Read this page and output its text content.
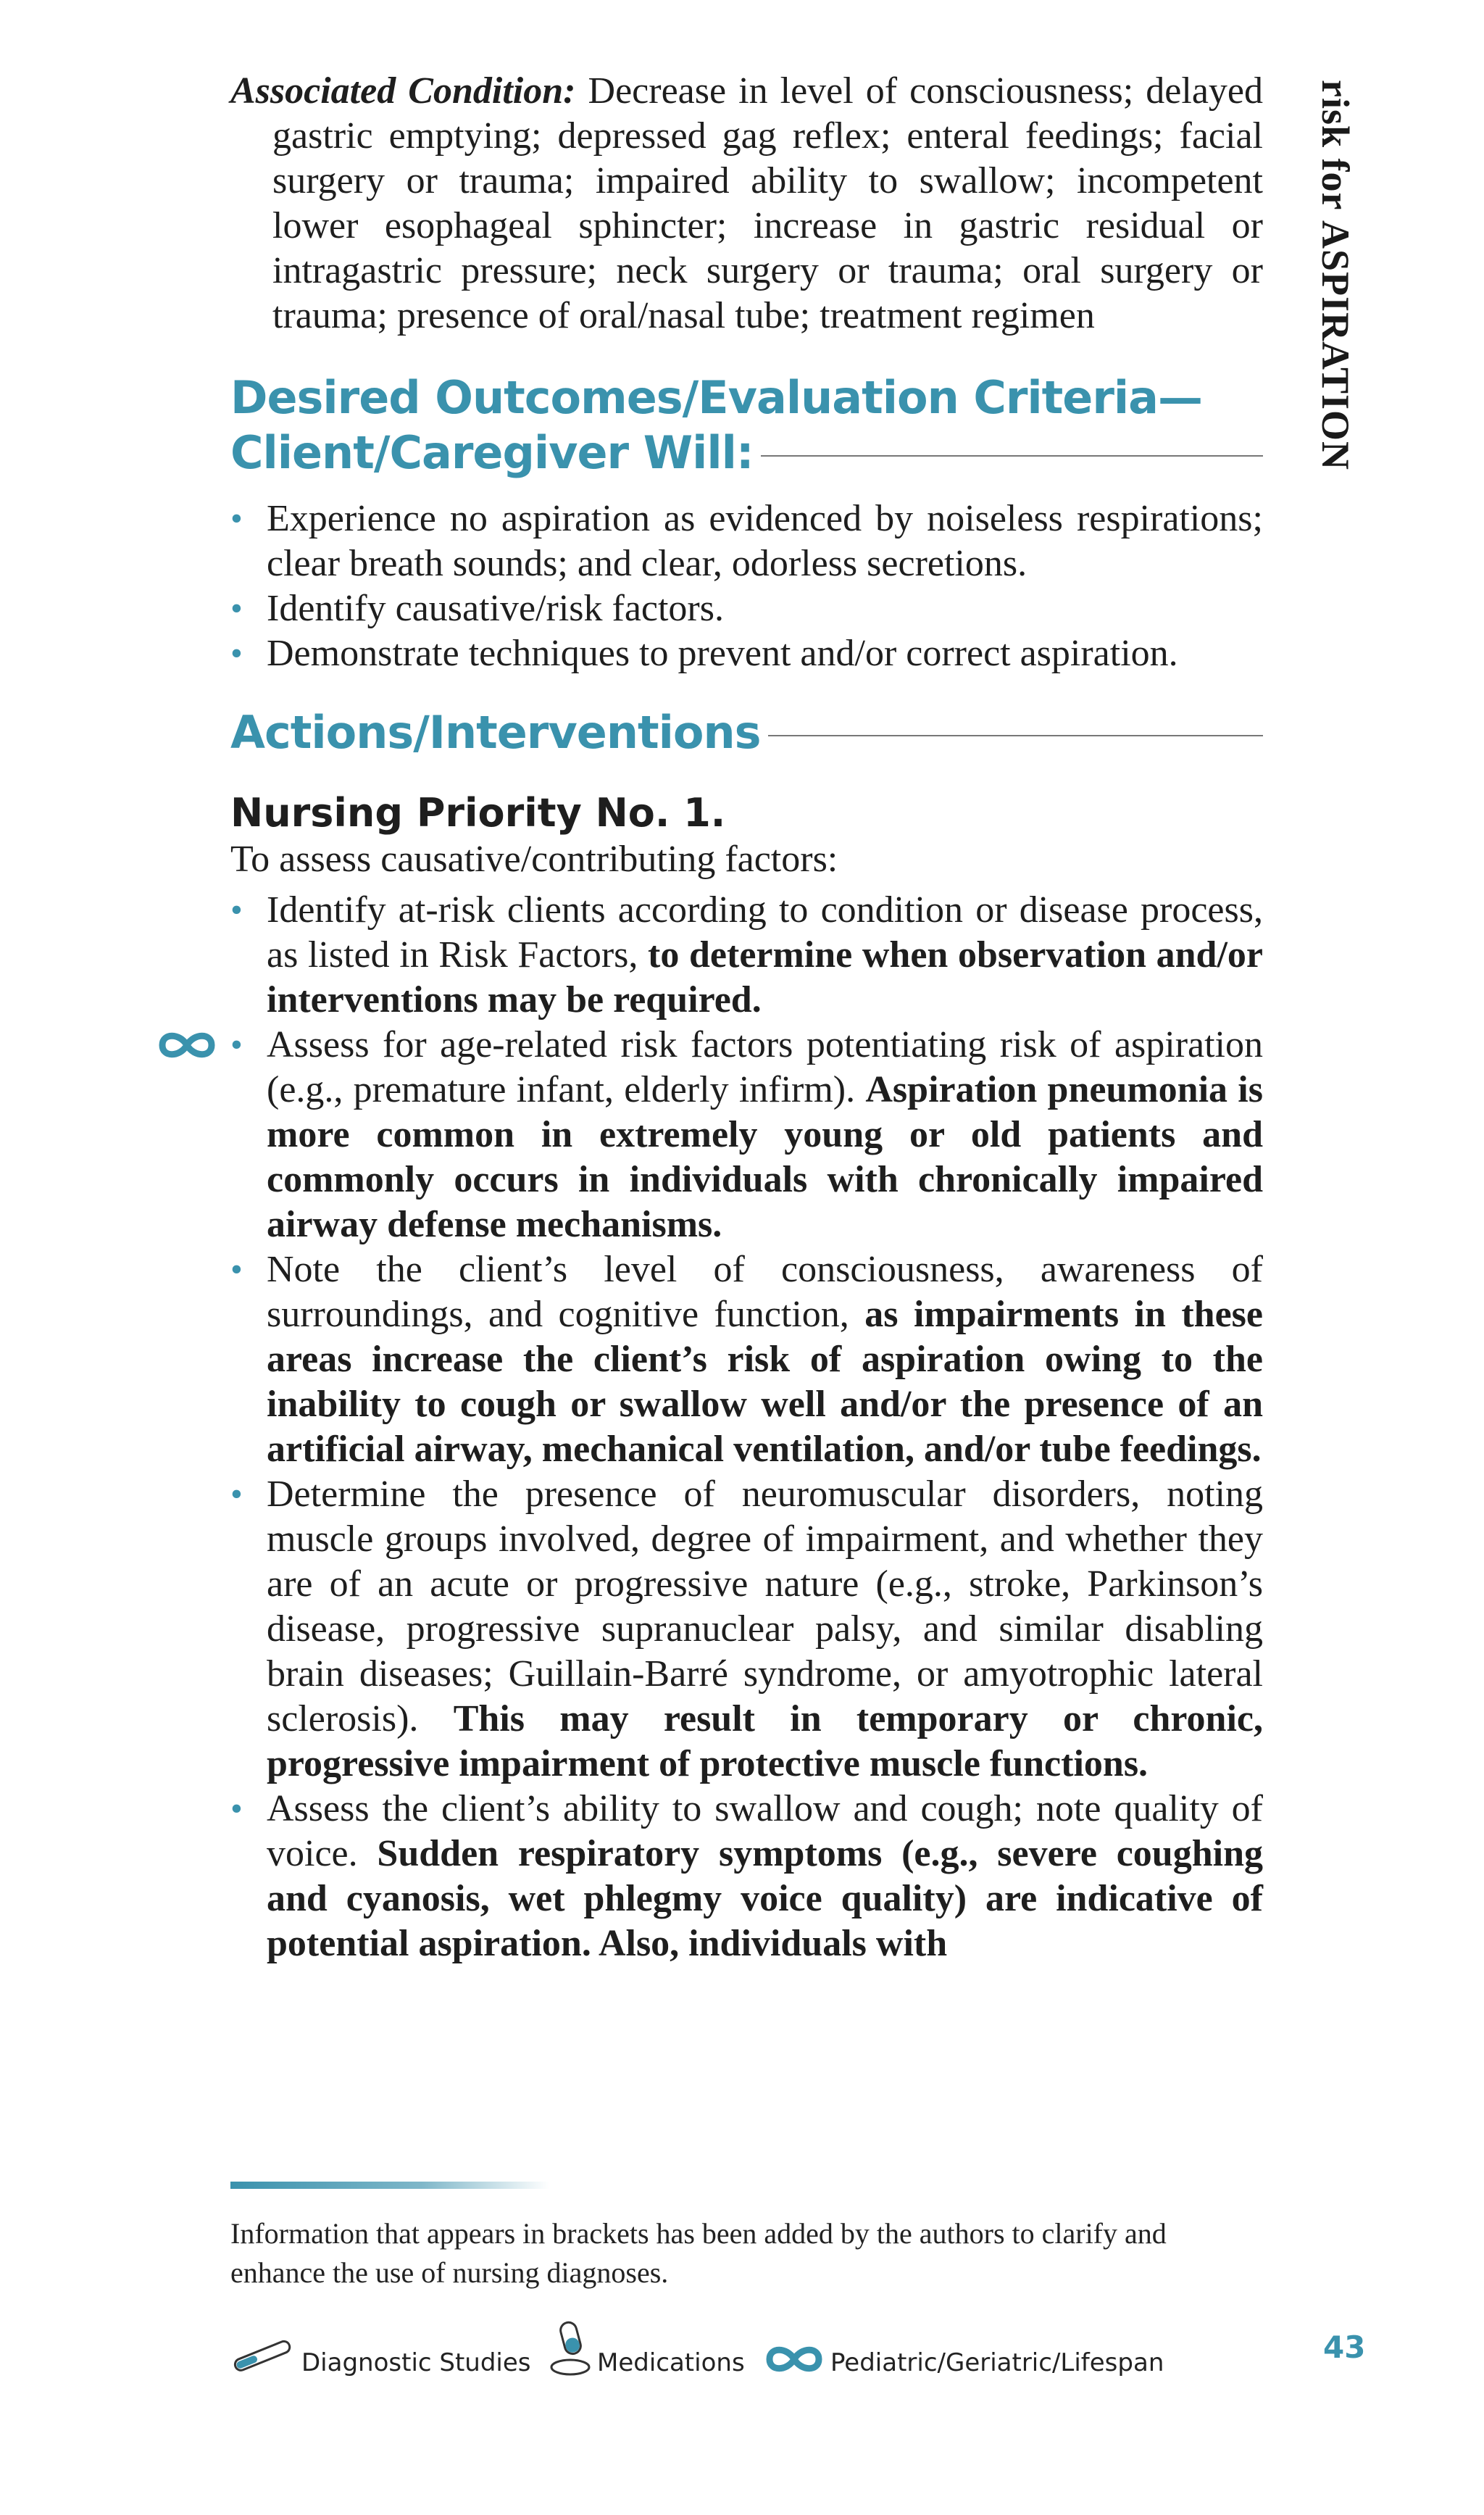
risk for ASPIRATION

Associated Condition: Decrease in level of consciousness; delayed gastric emptying; depressed gag reflex; enteral feedings; facial surgery or trauma; impaired ability to swallow; incompetent lower esophageal sphincter; increase in gastric residual or intragastric pressure; neck surgery or trauma; oral surgery or trauma; presence of oral/nasal tube; treatment regimen

Desired Outcomes/Evaluation Criteria—
Client/Caregiver Will:
• Experience no aspiration as evidenced by noiseless respirations; clear breath sounds; and clear, odorless secretions.
• Identify causative/risk factors.
• Demonstrate techniques to prevent and/or correct aspiration.
Actions/Interventions
Nursing Priority No. 1.

To assess causative/contributing factors:

• Identify at-risk clients according to condition or disease process, as listed in Risk Factors, to determine when observation and/or interventions may be required.
• Assess for age-related risk factors potentiating risk of aspiration (e.g., premature infant, elderly infirm). Aspiration pneumonia is more common in extremely young or old patients and commonly occurs in individuals with chronically impaired airway defense mechanisms.
• Note the client’s level of consciousness, awareness of surroundings, and cognitive function, as impairments in these areas increase the client’s risk of aspiration owing to the inability to cough or swallow well and/or the presence of an artificial airway, mechanical ventilation, and/or tube feedings.
• Determine the presence of neuromuscular disorders, noting muscle groups involved, degree of impairment, and whether they are of an acute or progressive nature (e.g., stroke, Parkinson’s disease, progressive supranuclear palsy, and similar disabling brain diseases; Guillain-Barré syndrome, or amyotrophic lateral sclerosis). This may result in temporary or chronic, progressive impairment of protective muscle functions.
• Assess the client’s ability to swallow and cough; note quality of voice. Sudden respiratory symptoms (e.g., severe coughing and cyanosis, wet phlegmy voice quality) are indicative of potential aspiration. Also, individuals with
Information that appears in brackets has been added by the authors to clarify and enhance the use of nursing diagnoses.
Diagnostic Studies	Medications	Pediatric/Geriatric/Lifespan	43
